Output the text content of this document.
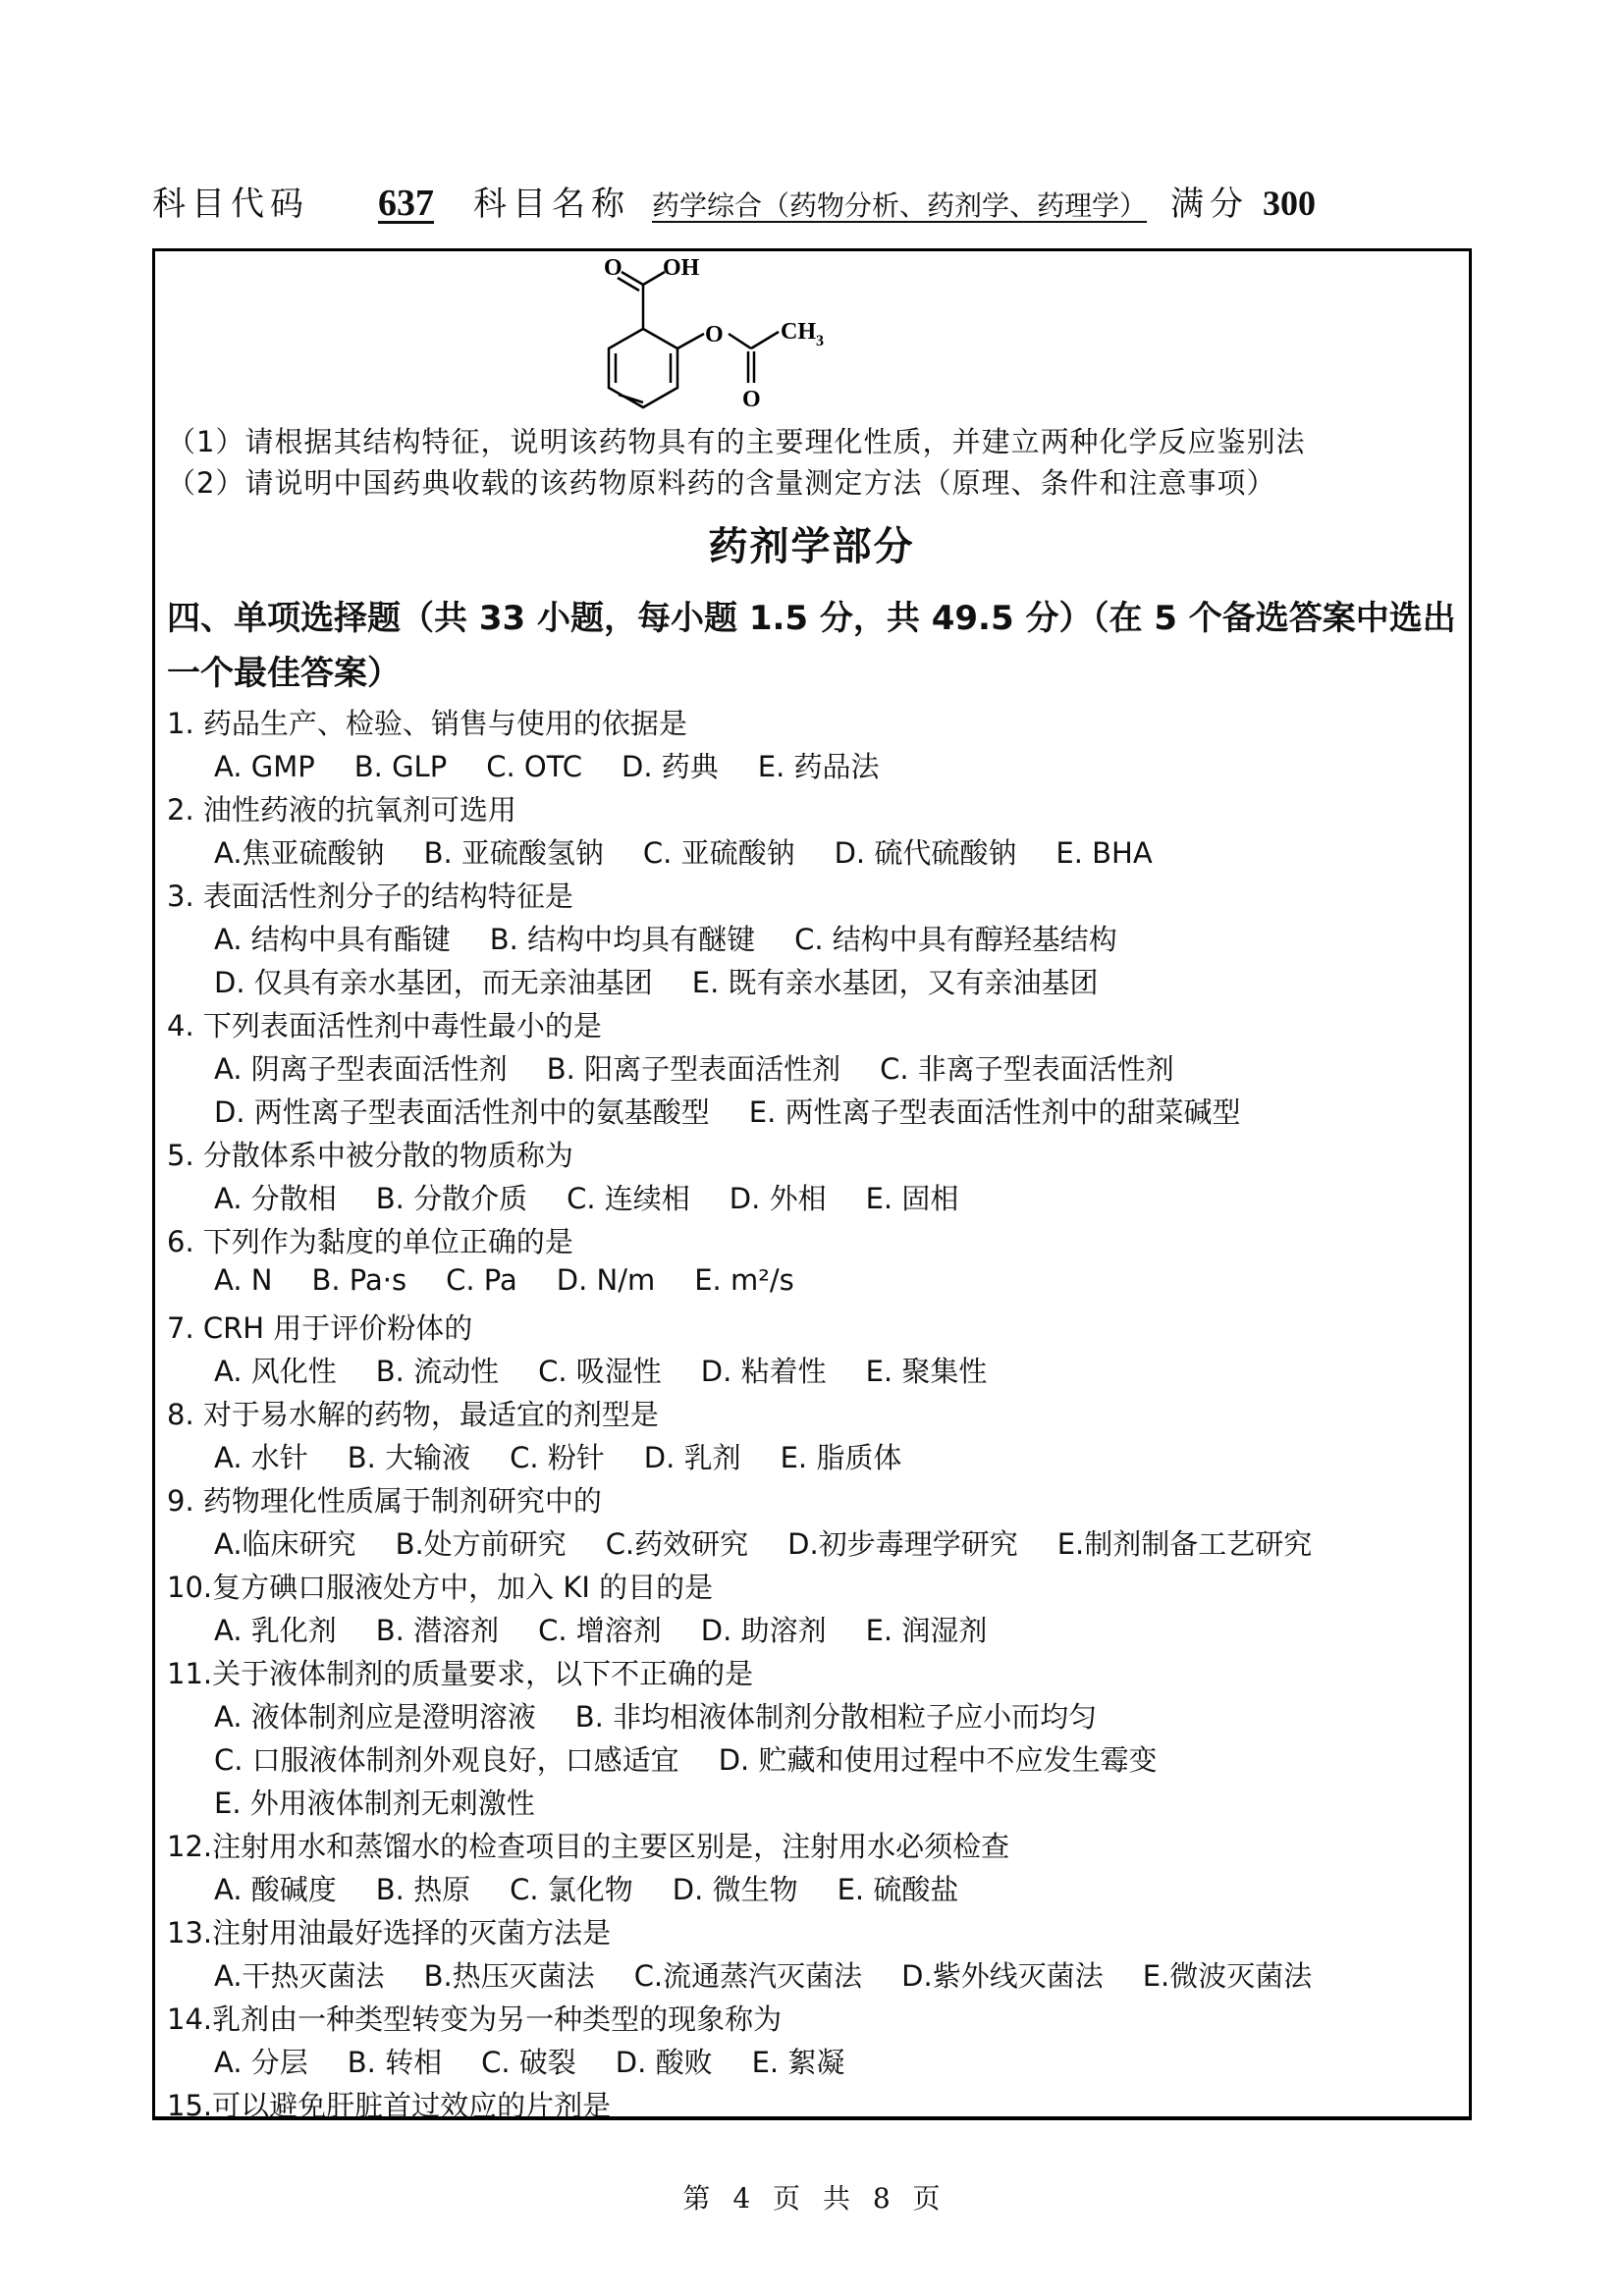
科目代码 637 科目名称 药学综合（药物分析、药剂学、药理学） 满分 300
O OH
O CH 3
O
（1）请根据其结构特征，说明该药物具有的主要理化性质，并建立两种化学反应鉴别法
（2）请说明中国药典收载的该药物原料药的含量测定方法（原理、条件和注意事项）
药剂学部分
四、单项选择题（共 33 小题，每小题 1.5 分，共 49.5 分）（在 5 个备选答案中选出一个最佳答案）
1. 药品生产、检验、销售与使用的依据是
A. GMP B. GLP C. OTC D. 药典 E. 药品法
2. 油性药液的抗氧剂可选用
A.焦亚硫酸钠 B. 亚硫酸氢钠 C. 亚硫酸钠 D. 硫代硫酸钠 E. BHA
3. 表面活性剂分子的结构特征是
A. 结构中具有酯键 B. 结构中均具有醚键 C. 结构中具有醇羟基结构
D. 仅具有亲水基团，而无亲油基团 E. 既有亲水基团，又有亲油基团
4. 下列表面活性剂中毒性最小的是
A. 阴离子型表面活性剂 B. 阳离子型表面活性剂 C. 非离子型表面活性剂
D. 两性离子型表面活性剂中的氨基酸型 E. 两性离子型表面活性剂中的甜菜碱型
5. 分散体系中被分散的物质称为
A. 分散相 B. 分散介质 C. 连续相 D. 外相 E. 固相
6. 下列作为黏度的单位正确的是
A. N B. Pa·s C. Pa D. N/m E. m²/s
7. CRH 用于评价粉体的
A. 风化性 B. 流动性 C. 吸湿性 D. 粘着性 E. 聚集性
8. 对于易水解的药物，最适宜的剂型是
A. 水针 B. 大输液 C. 粉针 D. 乳剂 E. 脂质体
9. 药物理化性质属于制剂研究中的
A.临床研究 B.处方前研究 C.药效研究 D.初步毒理学研究 E.制剂制备工艺研究
10.复方碘口服液处方中，加入 KI 的目的是
A. 乳化剂 B. 潜溶剂 C. 增溶剂 D. 助溶剂 E. 润湿剂
11.关于液体制剂的质量要求，以下不正确的是
A. 液体制剂应是澄明溶液 B. 非均相液体制剂分散相粒子应小而均匀
C. 口服液体制剂外观良好，口感适宜 D. 贮藏和使用过程中不应发生霉变
E. 外用液体制剂无刺激性
12.注射用水和蒸馏水的检查项目的主要区别是，注射用水必须检查
A. 酸碱度 B. 热原 C. 氯化物 D. 微生物 E. 硫酸盐
13.注射用油最好选择的灭菌方法是
A.干热灭菌法 B.热压灭菌法 C.流通蒸汽灭菌法 D.紫外线灭菌法 E.微波灭菌法
14.乳剂由一种类型转变为另一种类型的现象称为
A. 分层 B. 转相 C. 破裂 D. 酸败 E. 絮凝
15.可以避免肝脏首过效应的片剂是
第 4 页 共 8 页
